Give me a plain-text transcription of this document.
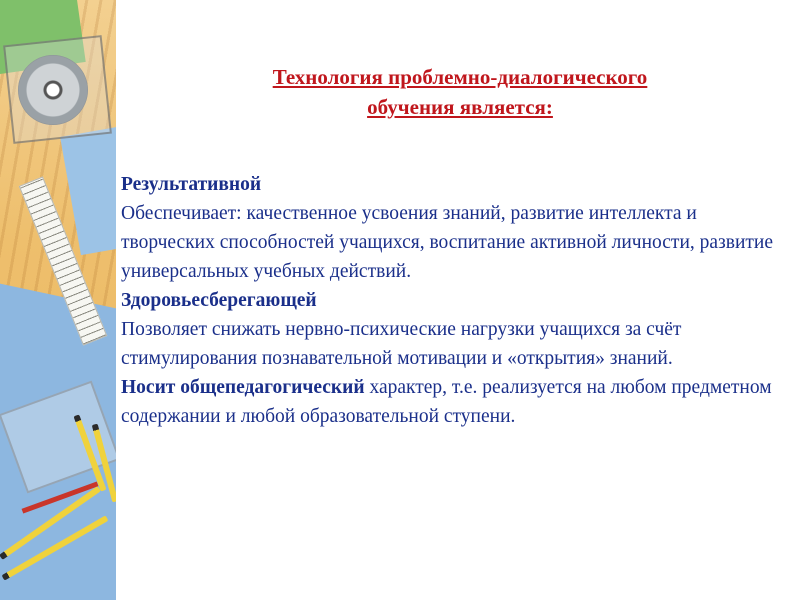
Технология проблемно-диалогического
обучения является:

Результативной

Обеспечивает: качественное усвоения знаний, развитие интеллекта и творческих способностей учащихся, воспитание активной личности, развитие универсальных учебных действий.

Здоровьесберегающей

Позволяет снижать нервно-психические нагрузки учащихся за счёт стимулирования познавательной мотивации и «открытия» знаний.

Носит общепедагогический характер, т.е. реализуется на любом предметном содержании и любой образовательной ступени.
